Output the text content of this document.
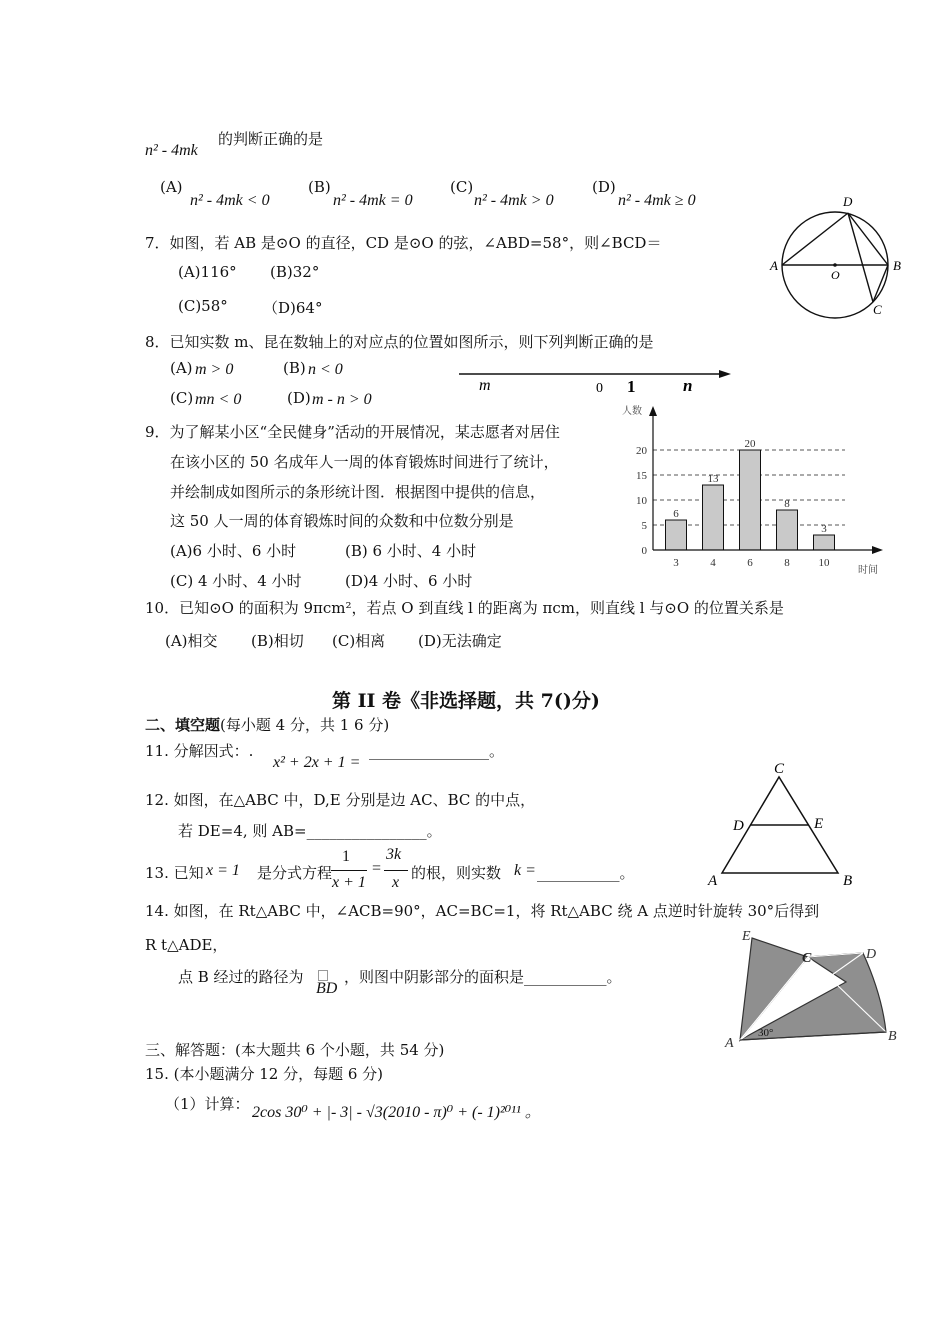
n² - 4mk
的判断正确的是
(A)
n² - 4mk < 0
(B)
n² - 4mk = 0
(C)
n² - 4mk > 0
(D)
n² - 4mk ≥ 0
7．如图，若 AB 是⊙O 的直径，CD 是⊙O 的弦，∠ABD=58°，则∠BCD＝
(A)116° (B)32°
(C)58° （D)64°
A	B
D
C
O
8．已知实数 m、昆在数轴上的对应点的位置如图所示，则下列判断正确的是
(A) m > 0	(B) n < 0
(C) mn < 0	(D) m - n > 0
m	0 1	n
9．为了解某小区“全民健身”活动的开展情况，某志愿者对居住
在该小区的 50 名成年人一周的体育锻炼时间进行了统计，
并绘制成如图所示的条形统计图．根据图中提供的信息，
这 50 人一周的体育锻炼时间的众数和中位数分别是
(A)6 小时、6 小时	(B) 6 小时、4 小时
(C) 4 小时、4 小时	(D)4 小时、6 小时
0
5
10
15
20
6
3
13
4
20
6
8
8
3
10
人数
时间
10．已知⊙O 的面积为 9πcm²，若点 O 到直线 l 的距离为 πcm，则直线 l 与⊙O 的位置关系是
(A)相交 (B)相切 (C)相离 (D)无法确定
第 II 卷《非选择题，共 7()分)
二、填空题(每小题 4 分，共 1 6 分)
11. 分解因式：.
x² + 2x + 1 =
________________。
12. 如图，在△ABC 中，D,E 分别是边 AC、BC 的中点，
若 DE=4, 则 AB=________________。
C
D	E
A	B
13. 已知 x = 1 是分式方程
1
x + 1
=
3k
x
的根，则实数 k = ___________。
14. 如图，在 Rt△ABC 中，∠ACB=90°，AC=BC=1，将 Rt△ABC 绕 A 点逆时针旋转 30°后得到
R t△ADE，
点 B 经过的路径为
BD
，则图中阴影部分的面积是___________。
E
C	D
B
A
30°
三、解答题：(本大题共 6 个小题，共 54 分)
15. (本小题满分 12 分，每题 6 分)
（1）计算： 2cos 30⁰ + |- 3| - √3(2010 - π)⁰ + (- 1)²⁰¹¹ 。
